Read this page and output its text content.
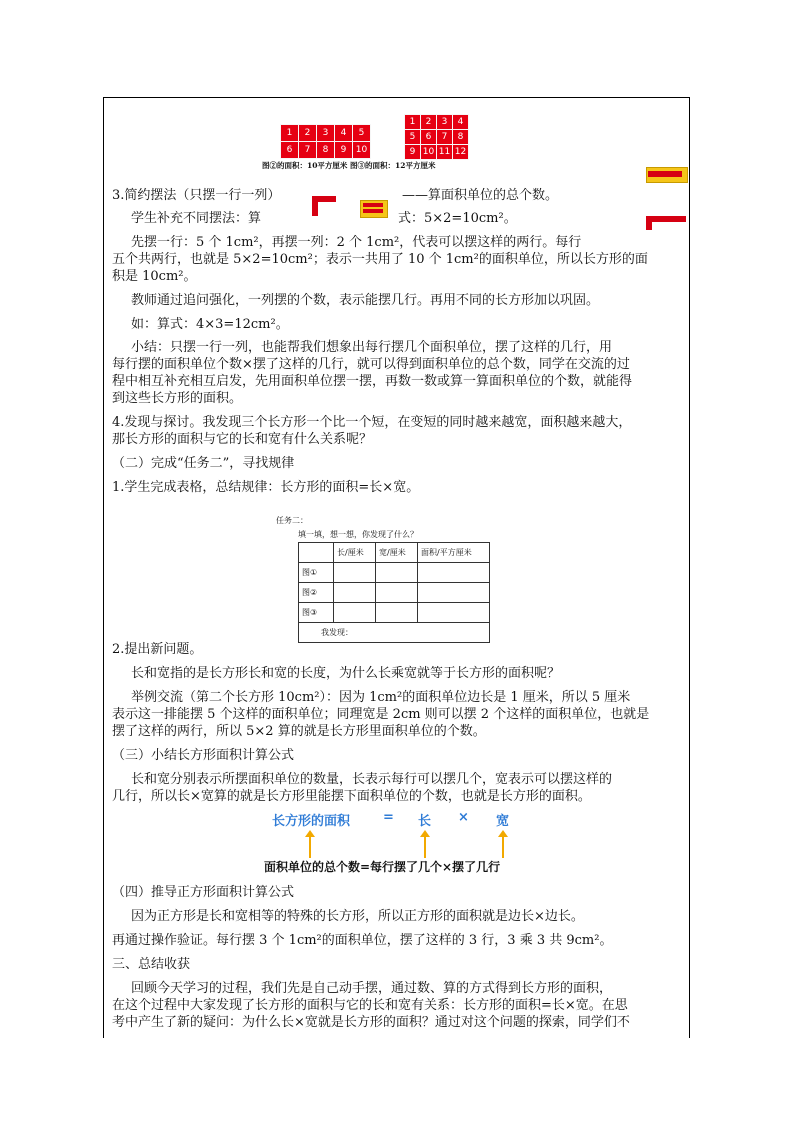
1	2	3	4	5
6	7	8	9	10
1	2	3	4
5	6	7	8
9 10 11 12
图②的面积：10平方厘米 图③的面积：12平方厘米
3.简约摆法（只摆一行一列）	——算面积单位的总个数。
学生补充不同摆法：算	式：5×2=10cm²。
先摆一行：5 个 1cm²，再摆一列：2 个 1cm²，代表可以摆这样的两行。每行
五个共两行，也就是 5×2=10cm²；表示一共用了 10 个 1cm²的面积单位，所以长方形的面
积是 10cm²。
教师通过追问强化，一列摆的个数，表示能摆几行。再用不同的长方形加以巩固。
如：算式：4×3=12cm²。
小结：只摆一行一列，也能帮我们想象出每行摆几个面积单位，摆了这样的几行，用
每行摆的面积单位个数×摆了这样的几行，就可以得到面积单位的总个数，同学在交流的过
程中相互补充相互启发，先用面积单位摆一摆，再数一数或算一算面积单位的个数，就能得
到这些长方形的面积。
4.发现与探讨。我发现三个长方形一个比一个短，在变短的同时越来越宽，面积越来越大，
那长方形的面积与它的长和宽有什么关系呢？
（二）完成“任务二”，寻找规律
1.学生完成表格，总结规律：长方形的面积=长×宽。
任务二：
填一填，想一想，你发现了什么？
	长/厘米	宽/厘米	面积/平方厘米
图①			
图②			
图③			
我发现：			
2.提出新问题。
长和宽指的是长方形长和宽的长度，为什么长乘宽就等于长方形的面积呢？
举例交流（第二个长方形 10cm²）：因为 1cm²的面积单位边长是 1 厘米，所以 5 厘米
表示这一排能摆 5 个这样的面积单位；同理宽是 2cm 则可以摆 2 个这样的面积单位，也就是
摆了这样的两行，所以 5×2 算的就是长方形里面积单位的个数。
（三）小结长方形面积计算公式
长和宽分别表示所摆面积单位的数量，长表示每行可以摆几个，宽表示可以摆这样的
几行，所以长×宽算的就是长方形里能摆下面积单位的个数，也就是长方形的面积。
长方形的面积	= 长 × 宽
面积单位的总个数=每行摆了几个×摆了几行
（四）推导正方形面积计算公式
因为正方形是长和宽相等的特殊的长方形，所以正方形的面积就是边长×边长。
再通过操作验证。每行摆 3 个 1cm²的面积单位，摆了这样的 3 行，3 乘 3 共 9cm²。
三、总结收获
回顾今天学习的过程，我们先是自己动手摆，通过数、算的方式得到长方形的面积，
在这个过程中大家发现了长方形的面积与它的长和宽有关系：长方形的面积=长×宽。在思
考中产生了新的疑问：为什么长×宽就是长方形的面积？通过对这个问题的探索，同学们不
